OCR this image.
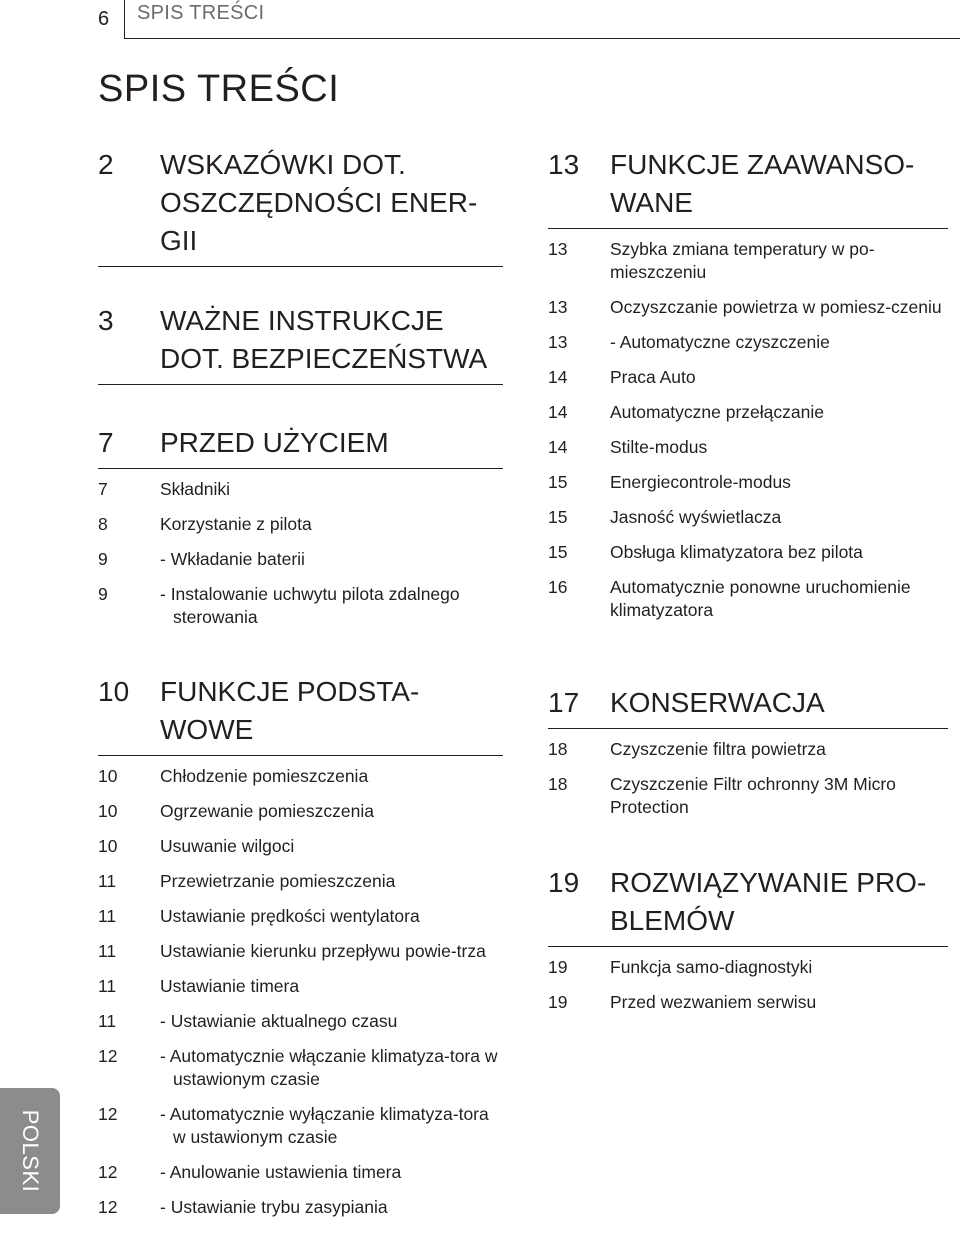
6 SPIS TREŚCI
SPIS TREŚCI
2	WSKAZÓWKI DOT. OSZCZĘDNOŚCI ENER-GII
3	WAŻNE INSTRUKCJE DOT. BEZPIECZEŃSTWA
7	PRZED UŻYCIEM
7	Składniki
8	Korzystanie z pilota
9	- Wkładanie baterii
9	- Instalowanie uchwytu pilota zdalnego sterowania
10	FUNKCJE PODSTA-WOWE
10	Chłodzenie pomieszczenia
10	Ogrzewanie pomieszczenia
10	Usuwanie wilgoci
11	Przewietrzanie pomieszczenia
11	Ustawianie prędkości wentylatora
11	Ustawianie kierunku przepływu powie-trza
11	Ustawianie timera
11	- Ustawianie aktualnego czasu
12	- Automatycznie włączanie klimatyza-tora w ustawionym czasie
12	- Automatycznie wyłączanie klimatyza-tora w ustawionym czasie
12	- Anulowanie ustawienia timera
12	- Ustawianie trybu zasypiania
13	FUNKCJE ZAAWANSO-WANE
13	Szybka zmiana temperatury w po-mieszczeniu
13	Oczyszczanie powietrza w pomiesz-czeniu
13	- Automatyczne czyszczenie
14	Praca Auto
14	Automatyczne przełączanie
14	Stilte-modus
15	Energiecontrole-modus
15	Jasność wyświetlacza
15	Obsługa klimatyzatora bez pilota
16	Automatycznie ponowne uruchomienie klimatyzatora
17	KONSERWACJA
18	Czyszczenie filtra powietrza
18	Czyszczenie Filtr ochronny 3M Micro Protection
19	ROZWIĄZYWANIE PRO-BLEMÓW
19	Funkcja samo-diagnostyki
19	Przed wezwaniem serwisu
POLSKI
